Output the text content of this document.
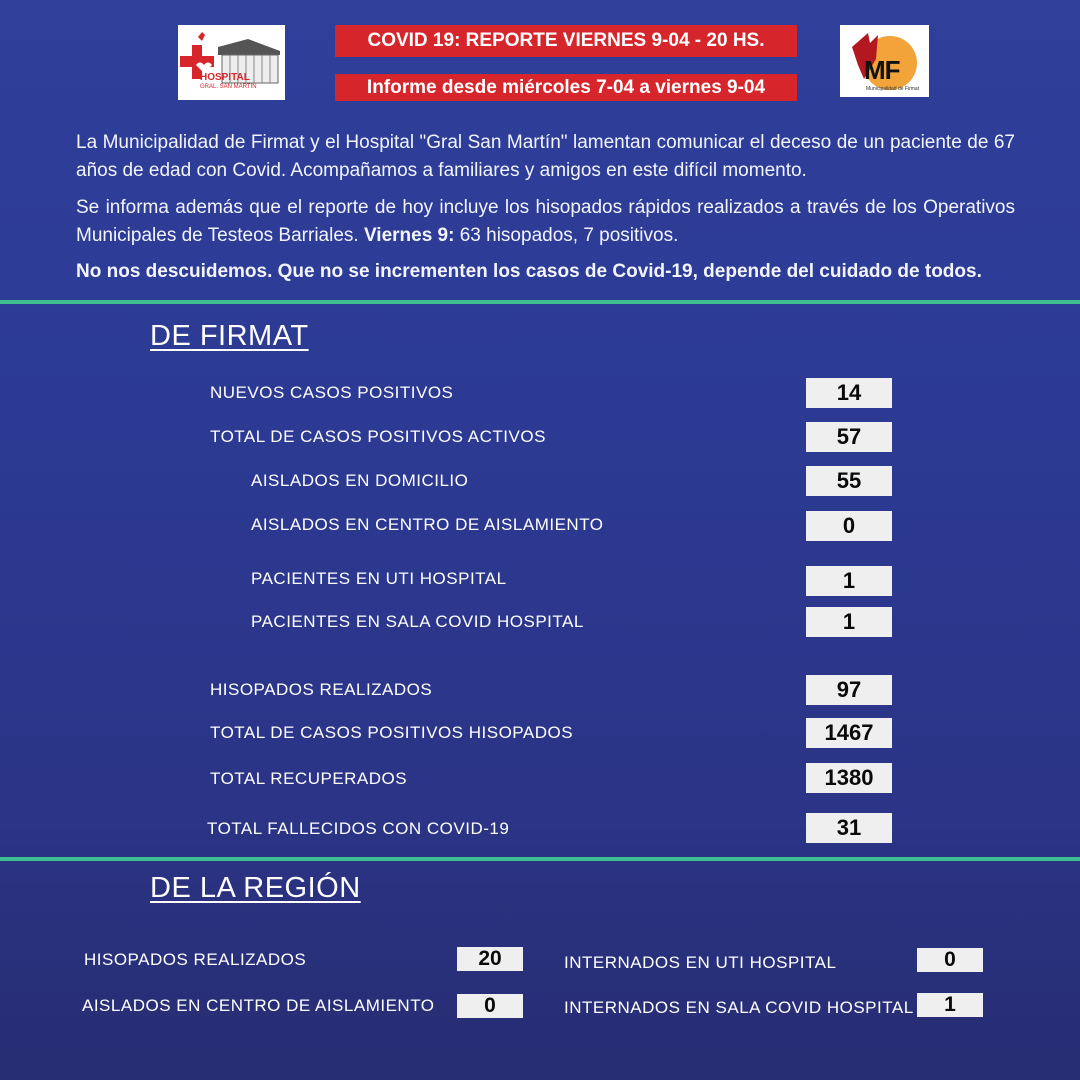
HOSPITAL
GRAL. SAN MARTIN
MF
Municipalidad de Firmat
COVID 19: REPORTE VIERNES 9-04 - 20 HS.
Informe desde miércoles 7-04 a viernes 9-04
La Municipalidad de Firmat y el Hospital "Gral San Martín" lamentan comunicar el deceso de un paciente de 67 años de edad con Covid. Acompañamos a familiares y amigos en este difícil momento.
Se informa además que el reporte de hoy incluye los hisopados rápidos realizados a través de los Operativos Municipales de Testeos Barriales. Viernes 9: 63 hisopados, 7 positivos.
No nos descuidemos. Que no se incrementen los casos de Covid-19, depende del cuidado de todos.
DE FIRMAT
NUEVOS CASOS POSITIVOS	14
TOTAL DE CASOS POSITIVOS ACTIVOS	57
AISLADOS EN DOMICILIO	55
AISLADOS EN CENTRO DE AISLAMIENTO	0
PACIENTES EN UTI HOSPITAL	1
PACIENTES EN SALA COVID HOSPITAL	1
HISOPADOS REALIZADOS	97
TOTAL DE CASOS POSITIVOS HISOPADOS	1467
TOTAL RECUPERADOS	1380
TOTAL FALLECIDOS CON COVID-19	31
DE LA REGIÓN
HISOPADOS REALIZADOS	20
AISLADOS EN CENTRO DE AISLAMIENTO	0
INTERNADOS EN UTI HOSPITAL	0
INTERNADOS EN SALA COVID HOSPITAL	1
